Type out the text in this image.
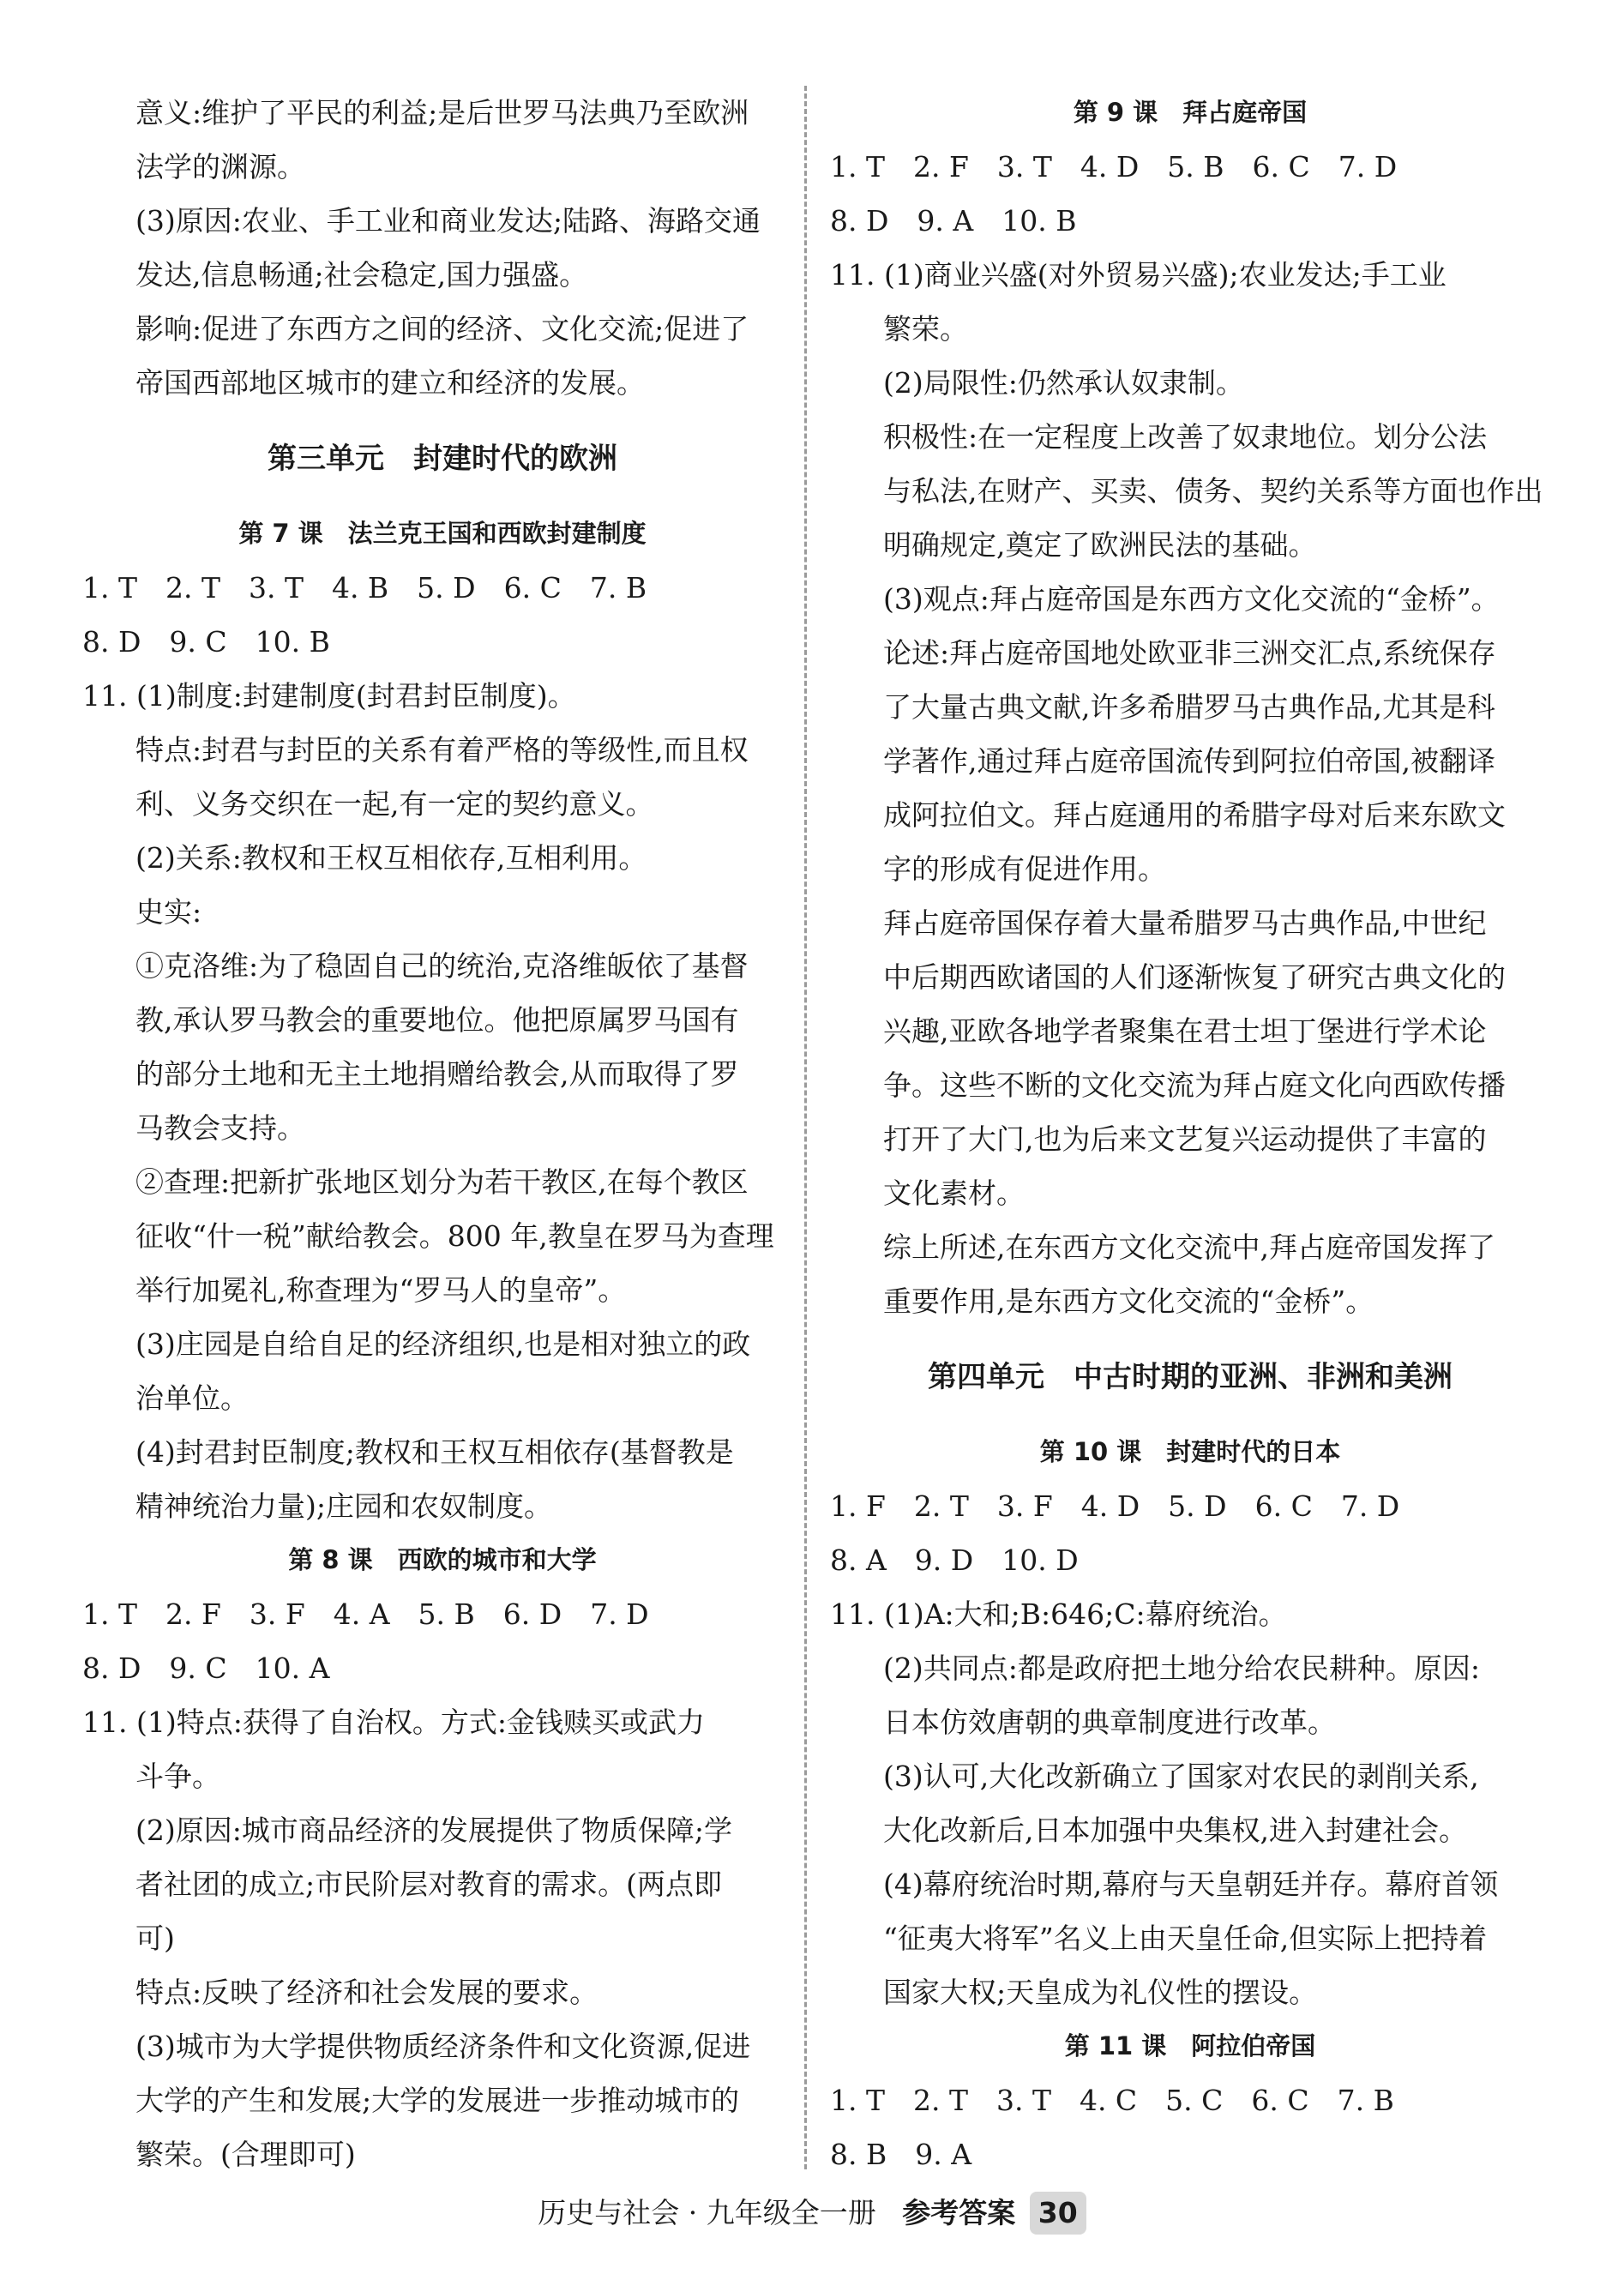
意义:维护了平民的利益;是后世罗马法典乃至欧洲

法学的渊源。

(3)原因:农业、手工业和商业发达;陆路、海路交通

发达,信息畅通;社会稳定,国力强盛。

影响:促进了东西方之间的经济、文化交流;促进了

帝国西部地区城市的建立和经济的发展。

第三单元　封建时代的欧洲
第 7 课　法兰克王国和西欧封建制度

1. T　2. T　3. T　4. B　5. D　6. C　7. B

8. D　9. C　10. B

11. (1)制度:封建制度(封君封臣制度)。

特点:封君与封臣的关系有着严格的等级性,而且权

利、义务交织在一起,有一定的契约意义。

(2)关系:教权和王权互相依存,互相利用。

史实:

①克洛维:为了稳固自己的统治,克洛维皈依了基督

教,承认罗马教会的重要地位。他把原属罗马国有

的部分土地和无主土地捐赠给教会,从而取得了罗

马教会支持。

②查理:把新扩张地区划分为若干教区,在每个教区

征收“什一税”献给教会。800 年,教皇在罗马为查理

举行加冕礼,称查理为“罗马人的皇帝”。

(3)庄园是自给自足的经济组织,也是相对独立的政

治单位。

(4)封君封臣制度;教权和王权互相依存(基督教是

精神统治力量);庄园和农奴制度。

第 8 课　西欧的城市和大学

1. T　2. F　3. F　4. A　5. B　6. D　7. D

8. D　9. C　10. A

11. (1)特点:获得了自治权。方式:金钱赎买或武力

斗争。

(2)原因:城市商品经济的发展提供了物质保障;学

者社团的成立;市民阶层对教育的需求。(两点即

可)

特点:反映了经济和社会发展的要求。

(3)城市为大学提供物质经济条件和文化资源,促进

大学的产生和发展;大学的发展进一步推动城市的

繁荣。(合理即可)

第 9 课　拜占庭帝国

1. T　2. F　3. T　4. D　5. B　6. C　7. D

8. D　9. A　10. B

11. (1)商业兴盛(对外贸易兴盛);农业发达;手工业

繁荣。

(2)局限性:仍然承认奴隶制。

积极性:在一定程度上改善了奴隶地位。划分公法

与私法,在财产、买卖、债务、契约关系等方面也作出

明确规定,奠定了欧洲民法的基础。

(3)观点:拜占庭帝国是东西方文化交流的“金桥”。

论述:拜占庭帝国地处欧亚非三洲交汇点,系统保存

了大量古典文献,许多希腊罗马古典作品,尤其是科

学著作,通过拜占庭帝国流传到阿拉伯帝国,被翻译

成阿拉伯文。拜占庭通用的希腊字母对后来东欧文

字的形成有促进作用。

拜占庭帝国保存着大量希腊罗马古典作品,中世纪

中后期西欧诸国的人们逐渐恢复了研究古典文化的

兴趣,亚欧各地学者聚集在君士坦丁堡进行学术论

争。这些不断的文化交流为拜占庭文化向西欧传播

打开了大门,也为后来文艺复兴运动提供了丰富的

文化素材。

综上所述,在东西方文化交流中,拜占庭帝国发挥了

重要作用,是东西方文化交流的“金桥”。

第四单元　中古时期的亚洲、非洲和美洲
第 10 课　封建时代的日本

1. F　2. T　3. F　4. D　5. D　6. C　7. D

8. A　9. D　10. D

11. (1)A:大和;B:646;C:幕府统治。

(2)共同点:都是政府把土地分给农民耕种。原因:

日本仿效唐朝的典章制度进行改革。

(3)认可,大化改新确立了国家对农民的剥削关系,

大化改新后,日本加强中央集权,进入封建社会。

(4)幕府统治时期,幕府与天皇朝廷并存。幕府首领

“征夷大将军”名义上由天皇任命,但实际上把持着

国家大权;天皇成为礼仪性的摆设。

第 11 课　阿拉伯帝国

1. T　2. T　3. T　4. C　5. C　6. C　7. B

8. B　9. A

历史与社会 · 九年级全一册 参考答案 30
